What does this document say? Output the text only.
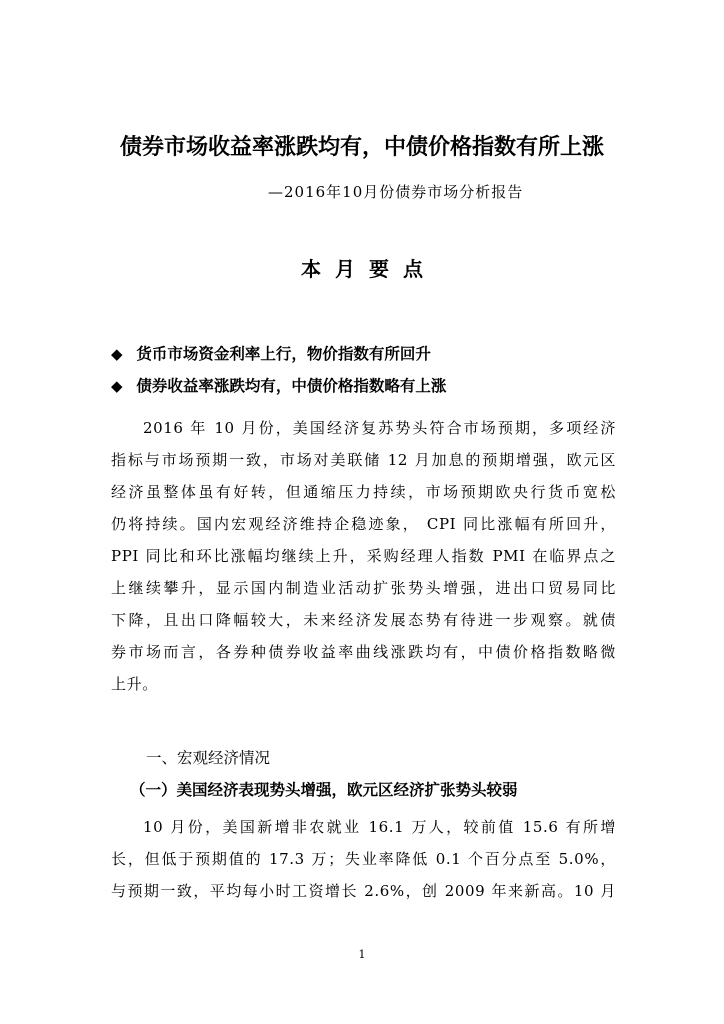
债券市场收益率涨跌均有，中债价格指数有所上涨
—2016年10月份债券市场分析报告
本月要点
◆ 货币市场资金利率上行，物价指数有所回升
◆ 债券收益率涨跌均有，中债价格指数略有上涨
2016 年 10 月份，美国经济复苏势头符合市场预期，多项经济
指标与市场预期一致，市场对美联储 12 月加息的预期增强，欧元区
经济虽整体虽有好转，但通缩压力持续，市场预期欧央行货币宽松
仍将持续。国内宏观经济维持企稳迹象， CPI 同比涨幅有所回升，
PPI 同比和环比涨幅均继续上升，采购经理人指数 PMI 在临界点之
上继续攀升，显示国内制造业活动扩张势头增强，进出口贸易同比
下降，且出口降幅较大，未来经济发展态势有待进一步观察。就债
券市场而言，各券种债券收益率曲线涨跌均有，中债价格指数略微
上升。
一、宏观经济情况
（一）美国经济表现势头增强，欧元区经济扩张势头较弱
10 月份，美国新增非农就业 16.1 万人，较前值 15.6 有所增
长，但低于预期值的 17.3 万；失业率降低 0.1 个百分点至 5.0%，
与预期一致，平均每小时工资增长 2.6%，创 2009 年来新高。10 月
1
